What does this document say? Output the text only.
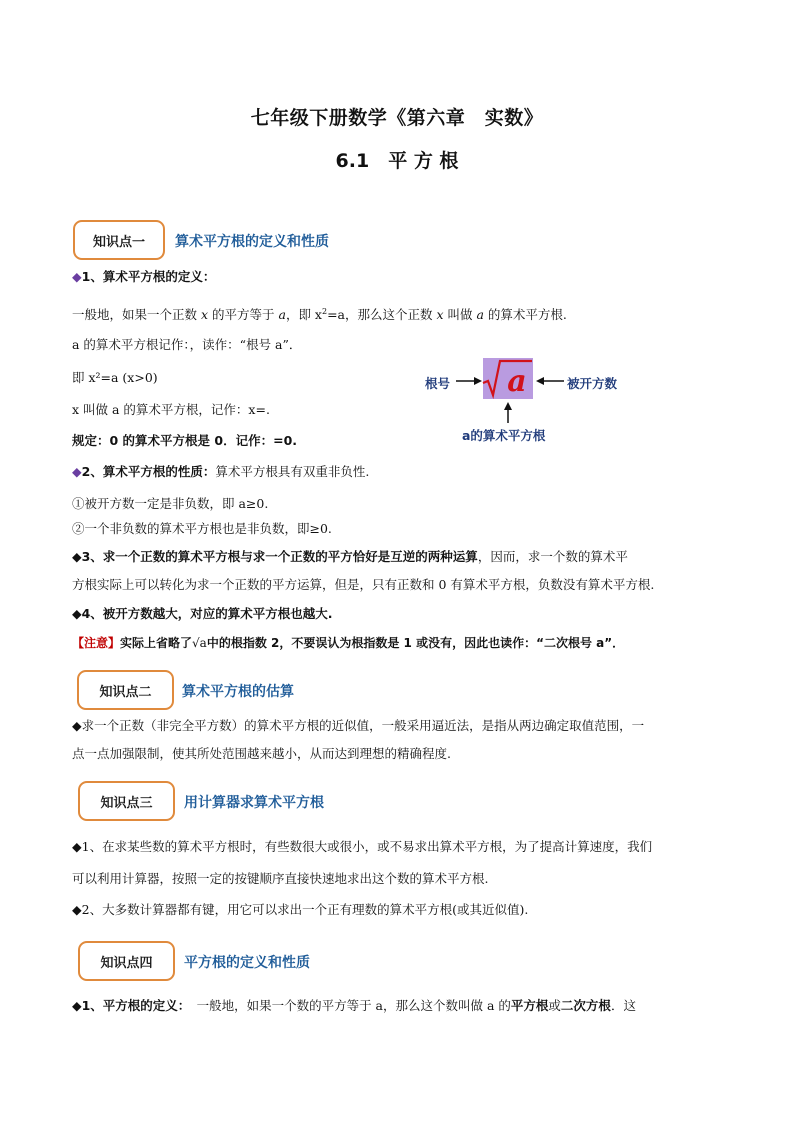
七年级下册数学《第六章　实数》
6.1　平 方 根
知识点一	算术平方根的定义和性质
◆1、算术平方根的定义：
一般地，如果一个正数 x 的平方等于 a，即 $x^2=a$，那么这个正数 x 叫做 a 的算术平方根.
a 的算术平方根记作：，读作：“根号 a”．
即 x²=a (x>0)
x 叫做 a 的算术平方根，记作：x=.
规定：0 的算术平方根是 0．记作：=0.
a
根号	被开方数
a的算术平方根
◆2、算术平方根的性质：算术平方根具有双重非负性.
①被开方数一定是非负数，即 a≥0.
②一个非负数的算术平方根也是非负数，即≥0.
◆3、求一个正数的算术平方根与求一个正数的平方恰好是互逆的两种运算，因而，求一个数的算术平
方根实际上可以转化为求一个正数的平方运算，但是，只有正数和 0 有算术平方根，负数没有算术平方根.
◆4、被开方数越大，对应的算术平方根也越大.
【注意】实际上省略了√a中的根指数 2，不要误认为根指数是 1 或没有，因此也读作：“二次根号 a”．
知识点二	算术平方根的估算
◆求一个正数（非完全平方数）的算术平方根的近似值，一般采用逼近法，是指从两边确定取值范围，一
点一点加强限制，使其所处范围越来越小，从而达到理想的精确程度.
知识点三	用计算器求算术平方根
◆1、在求某些数的算术平方根时，有些数很大或很小，或不易求出算术平方根，为了提高计算速度，我们
可以利用计算器，按照一定的按键顺序直接快速地求出这个数的算术平方根.
◆2、大多数计算器都有键，用它可以求出一个正有理数的算术平方根(或其近似值).
知识点四	平方根的定义和性质
◆1、平方根的定义：　一般地，如果一个数的平方等于 a，那么这个数叫做 a 的平方根或二次方根．这
